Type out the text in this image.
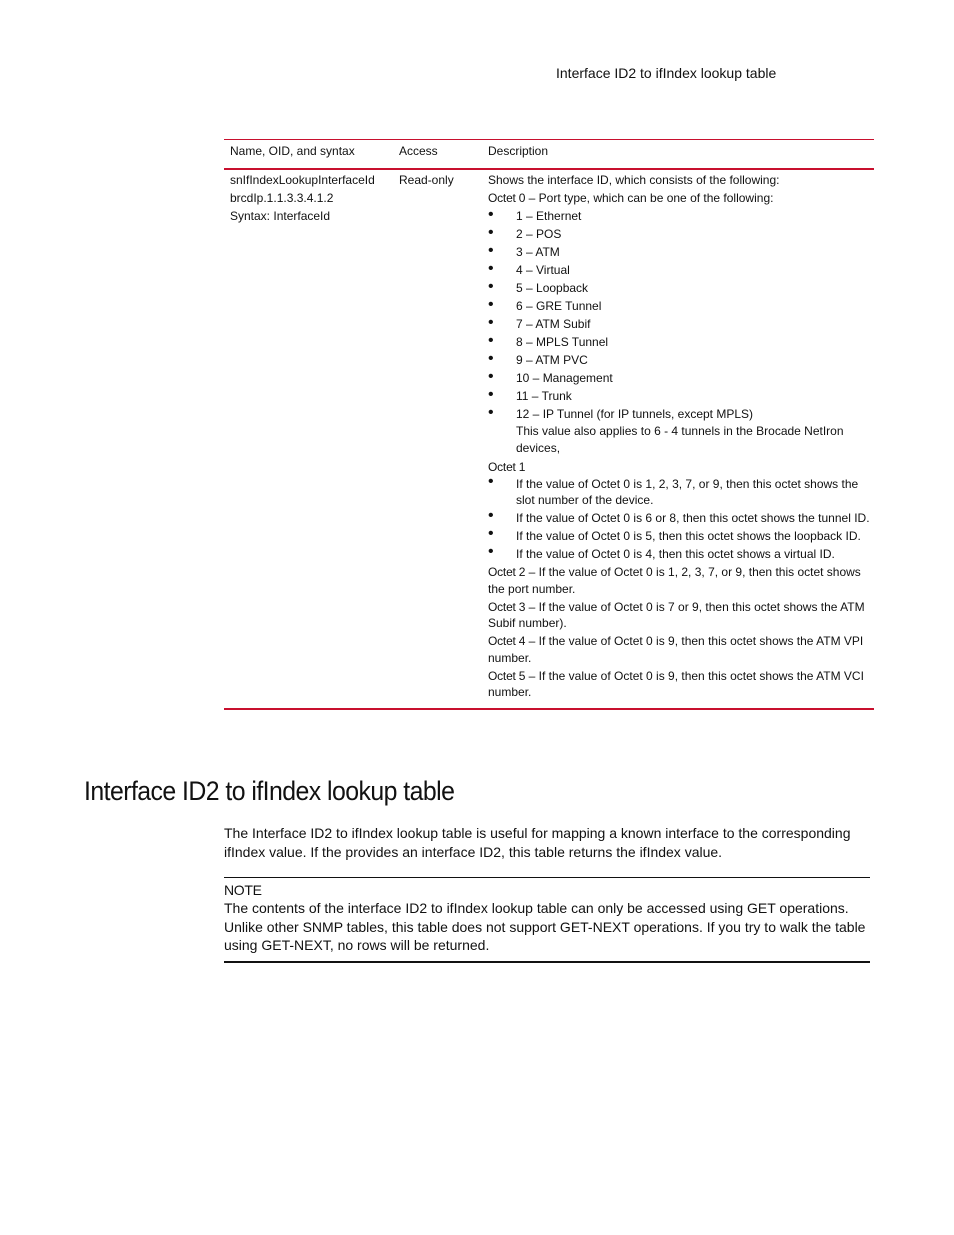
Interface ID2 to ifIndex lookup table
Name, OID, and syntax	Access	Description
snIfIndexLookupInterfaceId
brcdIp.1.1.3.3.4.1.2
Syntax: InterfaceId
Read-only	Shows the interface ID, which consists of the following:
Octet 0 – Port type, which can be one of the following:
• 1 – Ethernet
• 2 – POS
• 3 – ATM
• 4 – Virtual
• 5 – Loopback
• 6 – GRE Tunnel
• 7 – ATM Subif
• 8 – MPLS Tunnel
• 9 – ATM PVC
• 10 – Management
• 11 – Trunk
• 12 – IP Tunnel (for IP tunnels, except MPLS)
This value also applies to 6 - 4 tunnels in the Brocade NetIron devices,
Octet 1
• If the value of Octet 0 is 1, 2, 3, 7, or 9, then this octet shows the slot number of the device.
• If the value of Octet 0 is 6 or 8, then this octet shows the tunnel ID.
• If the value of Octet 0 is 5, then this octet shows the loopback ID.
• If the value of Octet 0 is 4, then this octet shows a virtual ID.
Octet 2 – If the value of Octet 0 is 1, 2, 3, 7, or 9, then this octet shows the port number.
Octet 3 – If the value of Octet 0 is 7 or 9, then this octet shows the ATM Subif number).
Octet 4 – If the value of Octet 0 is 9, then this octet shows the ATM VPI number.
Octet 5 – If the value of Octet 0 is 9, then this octet shows the ATM VCI number.
Interface ID2 to ifIndex lookup table
The Interface ID2 to ifIndex lookup table is useful for mapping a known interface to the corresponding ifIndex value. If the provides an interface ID2, this table returns the ifIndex value.
NOTE
The contents of the interface ID2 to ifIndex lookup table can only be accessed using GET operations. Unlike other SNMP tables, this table does not support GET-NEXT operations. If you try to walk the table using GET-NEXT, no rows will be returned.
